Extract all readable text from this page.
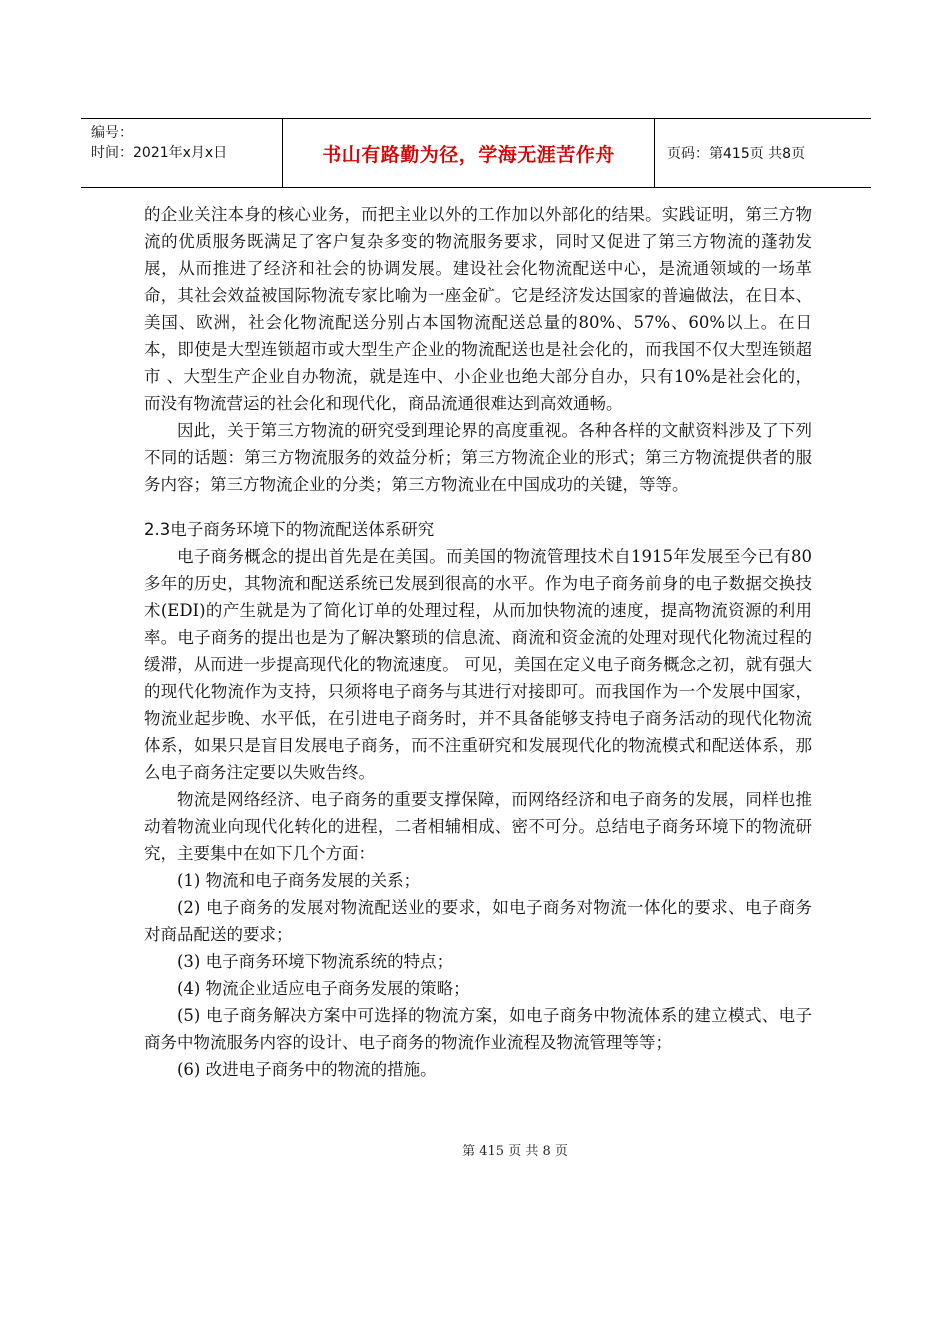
编号：
时间：2021年x月x日	书山有路勤为径，学海无涯苦作舟	页码：第415页 共8页

的企业关注本身的核心业务，而把主业以外的工作加以外部化的结果。实践证明，第三方物流的优质服务既满足了客户复杂多变的物流服务要求，同时又促进了第三方物流的蓬勃发展，从而推进了经济和社会的协调发展。建设社会化物流配送中心，是流通领域的一场革命，其社会效益被国际物流专家比喻为一座金矿。它是经济发达国家的普遍做法，在日本、美国、欧洲，社会化物流配送分别占本国物流配送总量的80%、57%、60%以上。在日本，即使是大型连锁超市或大型生产企业的物流配送也是社会化的，而我国不仅大型连锁超市 、大型生产企业自办物流，就是连中、小企业也绝大部分自办，只有10%是社会化的，而没有物流营运的社会化和现代化，商品流通很难达到高效通畅。

因此，关于第三方物流的研究受到理论界的高度重视。各种各样的文献资料涉及了下列不同的话题：第三方物流服务的效益分析；第三方物流企业的形式；第三方物流提供者的服务内容；第三方物流企业的分类；第三方物流业在中国成功的关键，等等。

2.3电子商务环境下的物流配送体系研究

电子商务概念的提出首先是在美国。而美国的物流管理技术自1915年发展至今已有80多年的历史，其物流和配送系统已发展到很高的水平。作为电子商务前身的电子数据交换技术(EDI)的产生就是为了简化订单的处理过程，从而加快物流的速度，提高物流资源的利用率。电子商务的提出也是为了解决繁琐的信息流、商流和资金流的处理对现代化物流过程的缓滞，从而进一步提高现代化的物流速度。 可见，美国在定义电子商务概念之初，就有强大的现代化物流作为支持，只须将电子商务与其进行对接即可。而我国作为一个发展中国家，物流业起步晚、水平低，在引进电子商务时，并不具备能够支持电子商务活动的现代化物流体系，如果只是盲目发展电子商务，而不注重研究和发展现代化的物流模式和配送体系，那么电子商务注定要以失败告终。

物流是网络经济、电子商务的重要支撑保障，而网络经济和电子商务的发展，同样也推动着物流业向现代化转化的进程，二者相辅相成、密不可分。总结电子商务环境下的物流研究，主要集中在如下几个方面：

(1) 物流和电子商务发展的关系；

(2) 电子商务的发展对物流配送业的要求，如电子商务对物流一体化的要求、电子商务对商品配送的要求；

(3) 电子商务环境下物流系统的特点；

(4) 物流企业适应电子商务发展的策略；

(5) 电子商务解决方案中可选择的物流方案，如电子商务中物流体系的建立模式、电子商务中物流服务内容的设计、电子商务的物流作业流程及物流管理等等；

(6) 改进电子商务中的物流的措施。

第 415 页 共 8 页
